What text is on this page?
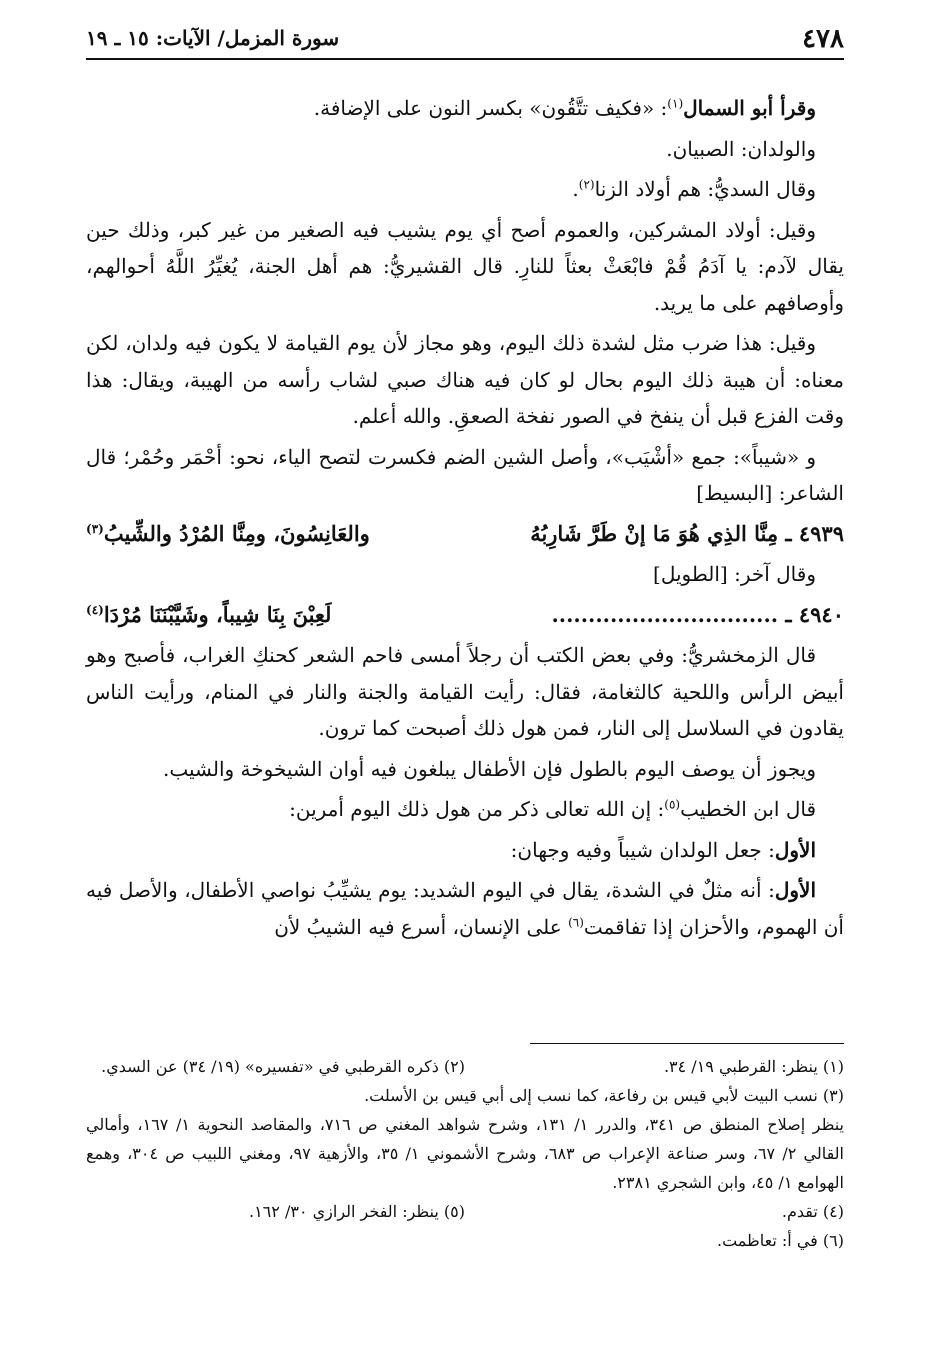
٤٧٨
سورة المزمل/ الآيات: ١٥ ـ ١٩

وقرأ أبو السمال$^{(١)}$: «فكيف تتَّقُون» بكسر النون على الإضافة.

والولدان: الصبيان.

وقال السديُّ: هم أولاد الزنا$^{(٢)}$.

وقيل: أولاد المشركين، والعموم أصح أي يوم يشيب فيه الصغير من غير كبر، وذلك حين يقال لآدم: يا آدَمُ قُمْ فابْعَثْ بعثاً للنارِ. قال القشيريُّ: هم أهل الجنة، يُغيِّرُ اللَّهُ أحوالهم، وأوصافهم على ما يريد.

وقيل: هذا ضرب مثل لشدة ذلك اليوم، وهو مجاز لأن يوم القيامة لا يكون فيه ولدان، لكن معناه: أن هيبة ذلك اليوم بحال لو كان فيه هناك صبي لشاب رأسه من الهيبة، ويقال: هذا وقت الفزع قبل أن ينفخ في الصور نفخة الصعقِ. والله أعلم.

و «شيباً»: جمع «أشْيَب»، وأصل الشين الضم فكسرت لتصح الياء، نحو: أحْمَر وحُمْر؛ قال الشاعر: [البسيط]

٤٩٣٩ ـ مِنَّا الذِي هُوَ مَا إنْ طَرَّ شَارِبُهُ
والعَانِسُونَ، ومِنَّا المُرْدُ والشِّيبُ$^{(٣)}$

وقال آخر: [الطويل]

٤٩٤٠ ـ ...............................
لَعِبْنَ بِنَا شِيباً، وشَيَّبْنَنَا مُرْدَا$^{(٤)}$

قال الزمخشريُّ: وفي بعض الكتب أن رجلاً أمسى فاحم الشعر كحنكِ الغراب، فأصبح وهو أبيض الرأس واللحية كالثغامة، فقال: رأيت القيامة والجنة والنار في المنام، ورأيت الناس يقادون في السلاسل إلى النار، فمن هول ذلك أصبحت كما ترون.

ويجوز أن يوصف اليوم بالطول فإن الأطفال يبلغون فيه أوان الشيخوخة والشيب.

قال ابن الخطيب$^{(٥)}$: إن الله تعالى ذكر من هول ذلك اليوم أمرين:

الأول: جعل الولدان شيباً وفيه وجهان:

الأول: أنه مثلٌ في الشدة، يقال في اليوم الشديد: يوم يشيِّبُ نواصي الأطفال، والأصل فيه أن الهموم، والأحزان إذا تفاقمت$^{(٦)}$ على الإنسان، أسرع فيه الشيبُ لأن

(١) ينظر: القرطبي ١٩/ ٣٤.
(٢) ذكره القرطبي في «تفسيره» (١٩/ ٣٤) عن السدي.
(٣) نسب البيت لأبي قيس بن رفاعة، كما نسب إلى أبي قيس بن الأسلت.
ينظر إصلاح المنطق ص ٣٤١، والدرر ١/ ١٣١، وشرح شواهد المغني ص ٧١٦، والمقاصد النحوية ١/ ١٦٧، وأمالي القالي ٢/ ٦٧، وسر صناعة الإعراب ص ٦٨٣، وشرح الأشموني ١/ ٣٥، والأزهية ٩٧، ومغني اللبيب ص ٣٠٤، وهمع الهوامع ١/ ٤٥، وابن الشجري ٢٣٨١.
(٤) تقدم.
(٥) ينظر: الفخر الرازي ٣٠/ ١٦٢.
(٦) في أ: تعاظمت.
